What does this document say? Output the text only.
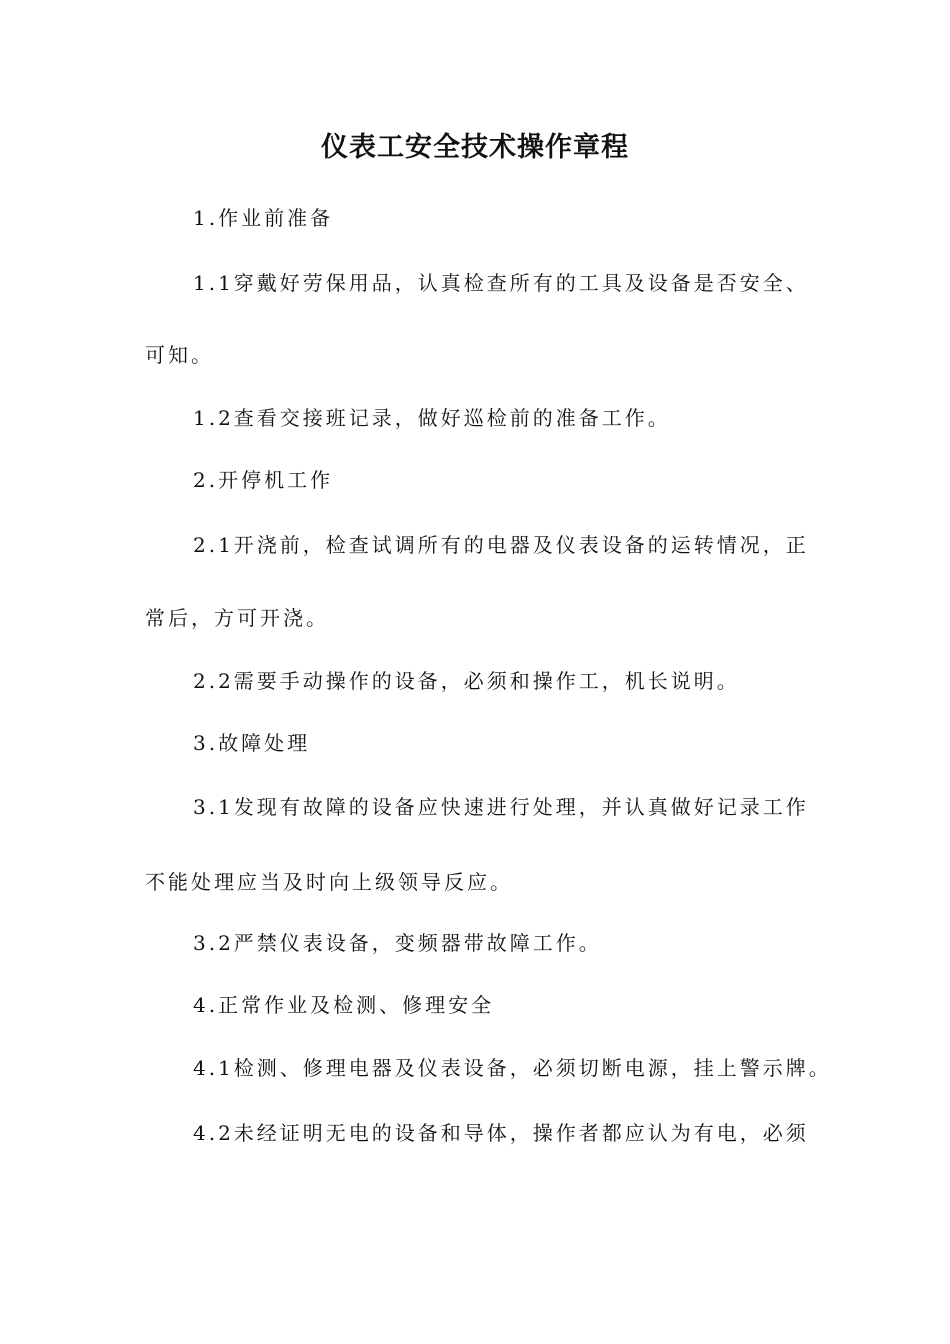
仪表工安全技术操作章程
1.作业前准备
1.1穿戴好劳保用品，认真检查所有的工具及设备是否安全、
可知。
1.2查看交接班记录，做好巡检前的准备工作。
2.开停机工作
2.1开浇前，检查试调所有的电器及仪表设备的运转情况，正
常后，方可开浇。
2.2需要手动操作的设备，必须和操作工，机长说明。
3.故障处理
3.1发现有故障的设备应快速进行处理，并认真做好记录工作
不能处理应当及时向上级领导反应。
3.2严禁仪表设备，变频器带故障工作。
4.正常作业及检测、修理安全
4.1检测、修理电器及仪表设备，必须切断电源，挂上警示牌。
4.2未经证明无电的设备和导体，操作者都应认为有电，必须
